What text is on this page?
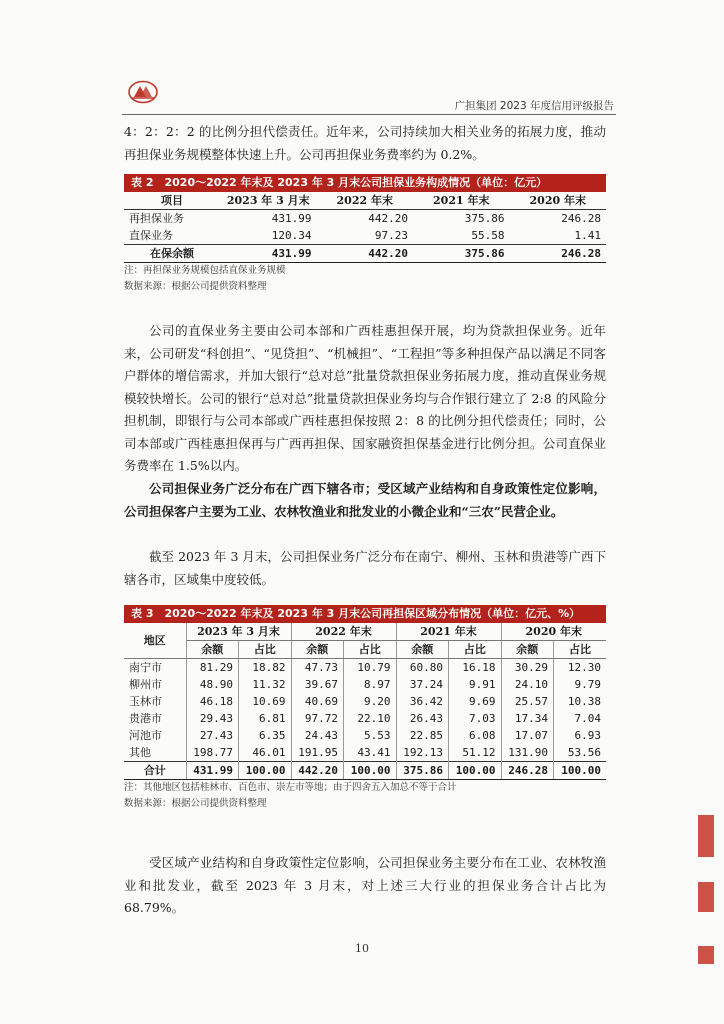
广担集团 2023 年度信用评级报告

4：2：2：2 的比例分担代偿责任。近年来，公司持续加大相关业务的拓展力度，推动再担保业务规模整体快速上升。公司再担保业务费率约为 0.2%。

表 2　2020～2022 年末及 2023 年 3 月末公司担保业务构成情况（单位：亿元）
项目	2023 年 3 月末	2022 年末	2021 年末	2020 年末
再担保业务	431.99	442.20	375.86	246.28
直保业务	120.34	97.23	55.58	1.41
在保余额	431.99	442.20	375.86	246.28
注：再担保业务规模包括直保业务规模
数据来源：根据公司提供资料整理

公司的直保业务主要由公司本部和广西桂惠担保开展，均为贷款担保业务。近年来，公司研发“科创担”、“见贷担”、“机械担”、“工程担”等多种担保产品以满足不同客户群体的增信需求，并加大银行“总对总”批量贷款担保业务拓展力度，推动直保业务规模较快增长。公司的银行“总对总”批量贷款担保业务均与合作银行建立了 2:8 的风险分担机制，即银行与公司本部或广西桂惠担保按照 2：8 的比例分担代偿责任；同时，公司本部或广西桂惠担保再与广西再担保、国家融资担保基金进行比例分担。公司直保业务费率在 1.5%以内。

公司担保业务广泛分布在广西下辖各市；受区域产业结构和自身政策性定位影响，公司担保客户主要为工业、农林牧渔业和批发业的小微企业和“三农”民营企业。

截至 2023 年 3 月末，公司担保业务广泛分布在南宁、柳州、玉林和贵港等广西下辖各市，区域集中度较低。

表 3　2020～2022 年末及 2023 年 3 月末公司再担保区域分布情况（单位：亿元、%）
地区	2023 年 3 月末		2022 年末		2021 年末		2020 年末	
	余额	占比	余额	占比	余额	占比	余额	占比
南宁市	81.29	18.82	47.73	10.79	60.80	16.18	30.29	12.30
柳州市	48.90	11.32	39.67	8.97	37.24	9.91	24.10	9.79
玉林市	46.18	10.69	40.69	9.20	36.42	9.69	25.57	10.38
贵港市	29.43	6.81	97.72	22.10	26.43	7.03	17.34	7.04
河池市	27.43	6.35	24.43	5.53	22.85	6.08	17.07	6.93
其他	198.77	46.01	191.95	43.41	192.13	51.12	131.90	53.56
合计	431.99	100.00	442.20	100.00	375.86	100.00	246.28	100.00
注：其他地区包括桂林市、百色市、崇左市等地；由于四舍五入加总不等于合计
数据来源：根据公司提供资料整理

受区域产业结构和自身政策性定位影响，公司担保业务主要分布在工业、农林牧渔业和批发业，截至 2023 年 3 月末，对上述三大行业的担保业务合计占比为 68.79%。

10
